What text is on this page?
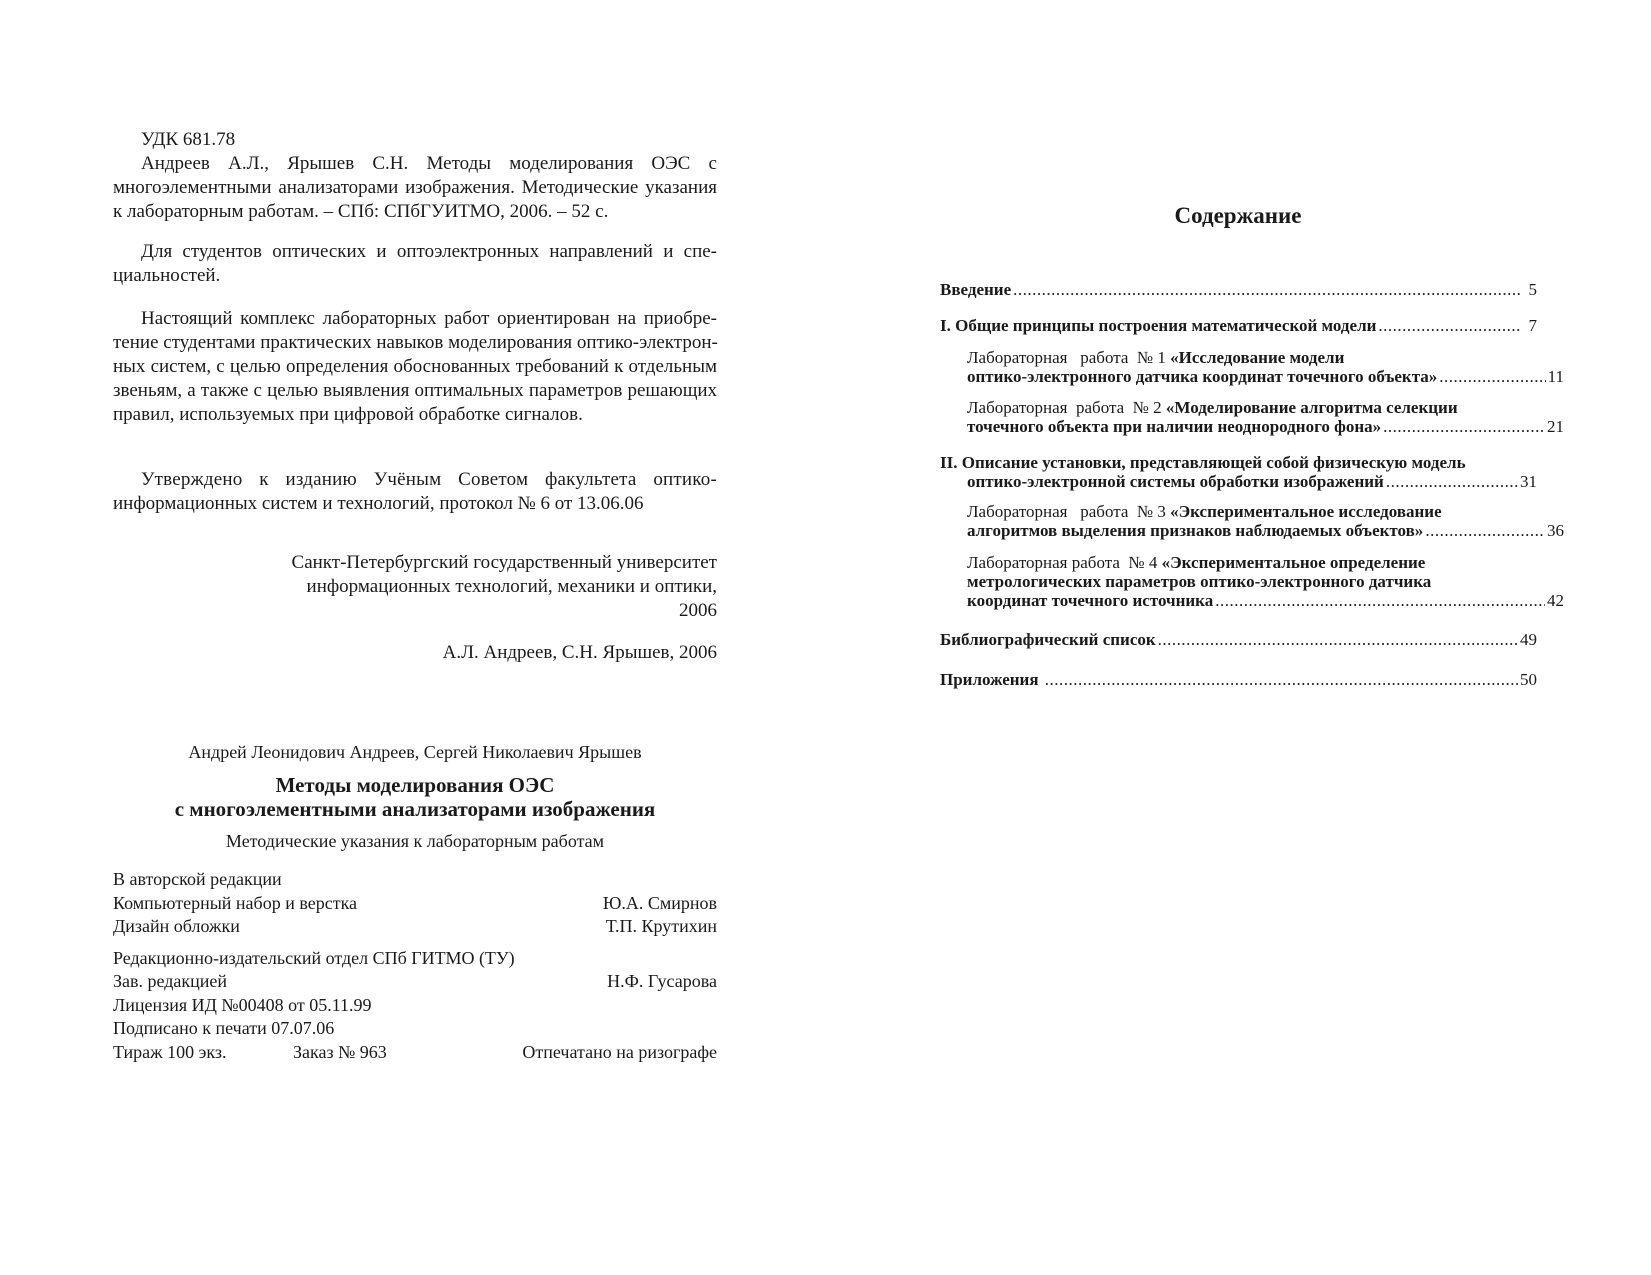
УДК 681.78
Андреев А.Л., Ярышев С.Н. Методы моделирования ОЭС с
многоэлементными анализаторами изображения. Методические указания
к лабораторным работам. – СПб: СПбГУИТМО, 2006. – 52 с.
Для студентов оптических и оптоэлектронных направлений и спе-
циальностей.
Настоящий комплекс лабораторных работ ориентирован на приобре-
тение студентами практических навыков моделирования оптико-электрон-
ных систем, с целью определения обоснованных требований к отдельным
звеньям, а также с целью выявления оптимальных параметров решающих
правил, используемых при цифровой обработке сигналов.
Утверждено к изданию Учёным Советом факультета оптико-
информационных систем и технологий, протокол № 6 от 13.06.06
Санкт-Петербургский государственный университет
информационных технологий, механики и оптики,
2006
А.Л. Андреев, С.Н. Ярышев, 2006
Андрей Леонидович Андреев, Сергей Николаевич Ярышев
Методы моделирования ОЭС
с многоэлементными анализаторами изображения
Методические указания к лабораторным работам
В авторской редакции
Компьютерный набор и верстка	Ю.А. Смирнов
Дизайн обложки	Т.П. Крутихин
Редакционно-издательский отдел СПб ГИТМО (ТУ)
Зав. редакцией	Н.Ф. Гусарова
Лицензия ИД №00408 от 05.11.99
Подписано к печати 07.07.06
Тираж 100 экз.	Заказ № 963	Отпечатано на ризографе
Содержание
Введение .....	5
I. Общие принципы построения математической модели .....	7
Лабораторная   работа  № 1 «Исследование модели
оптико-электронного датчика координат точечного объекта» .....	11
Лабораторная  работа  № 2 «Моделирование алгоритма селекции
точечного объекта при наличии неоднородного фона» .....	21
II. Описание установки, представляющей собой физическую модель
оптико-электронной системы обработки изображений .....	31
Лабораторная   работа  № 3 «Экспериментальное исследование
алгоритмов выделения признаков наблюдаемых объектов» .....	36
Лабораторная работа  № 4 «Экспериментальное определение
метрологических параметров оптико-электронного датчика
координат точечного источника .....	42
Библиографический список .....	49
Приложения .....	50
